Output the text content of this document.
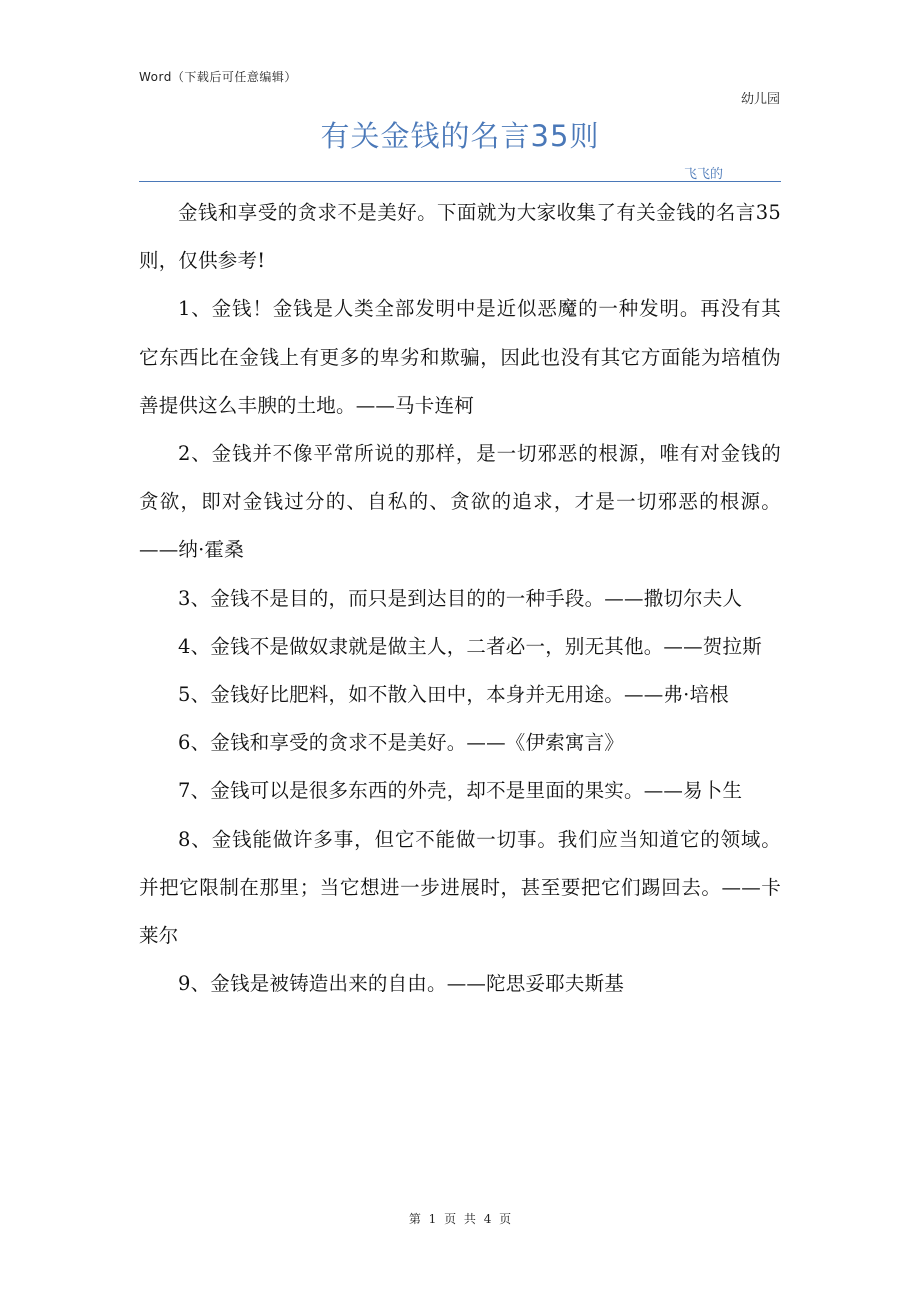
Word（下载后可任意编辑）
幼儿园
有关金钱的名言35则
飞飞的

金钱和享受的贪求不是美好。下面就为大家收集了有关金钱的名言35则，仅供参考!

1、金钱！金钱是人类全部发明中是近似恶魔的一种发明。再没有其它东西比在金钱上有更多的卑劣和欺骗，因此也没有其它方面能为培植伪善提供这么丰腴的土地。——马卡连柯

2、金钱并不像平常所说的那样，是一切邪恶的根源，唯有对金钱的贪欲，即对金钱过分的、自私的、贪欲的追求，才是一切邪恶的根源。——纳·霍桑

3、金钱不是目的，而只是到达目的的一种手段。——撒切尔夫人

4、金钱不是做奴隶就是做主人，二者必一，别无其他。——贺拉斯

5、金钱好比肥料，如不散入田中，本身并无用途。——弗·培根

6、金钱和享受的贪求不是美好。——《伊索寓言》

7、金钱可以是很多东西的外壳，却不是里面的果实。——易卜生

8、金钱能做许多事，但它不能做一切事。我们应当知道它的领域。并把它限制在那里；当它想进一步进展时，甚至要把它们踢回去。——卡莱尔

9、金钱是被铸造出来的自由。——陀思妥耶夫斯基

第 1 页 共 4 页
